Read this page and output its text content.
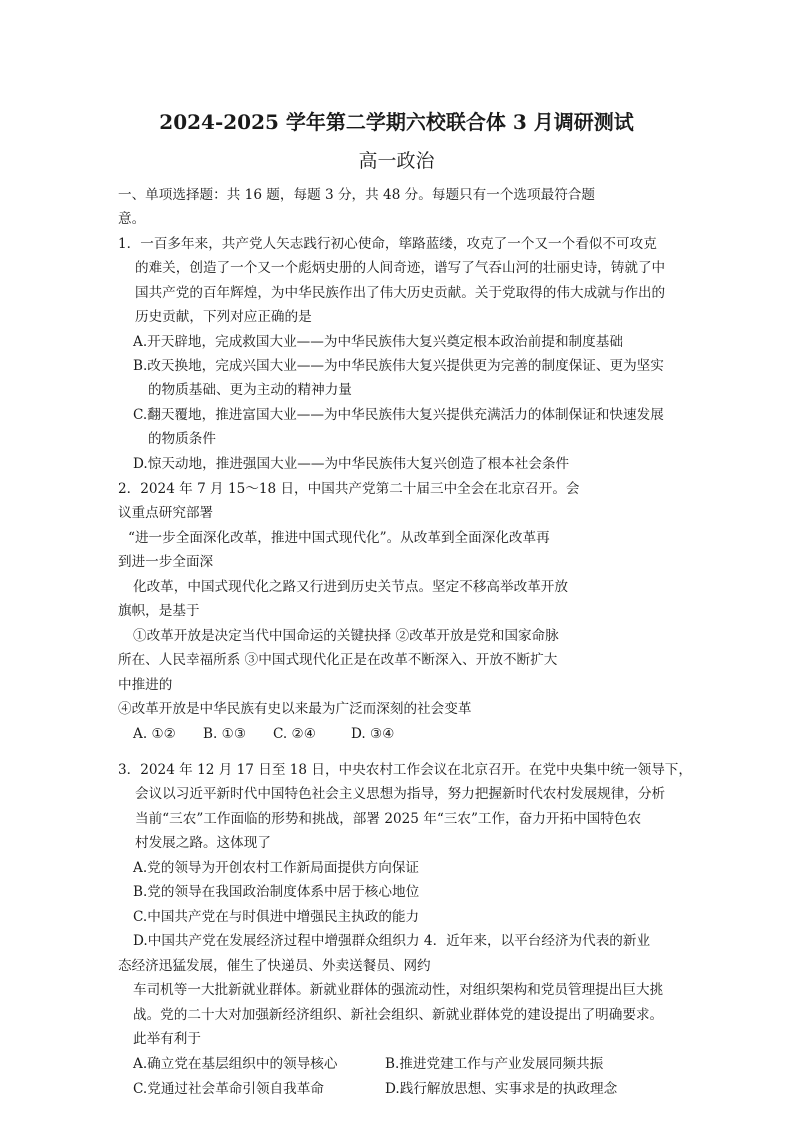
2024-2025 学年第二学期六校联合体 3 月调研测试
高一政治
一、单项选择题：共 16 题，每题 3 分，共 48 分。每题只有一个选项最符合题
意。
1．一百多年来，共产党人矢志践行初心使命，筚路蓝缕，攻克了一个又一个看似不可攻克
的难关，创造了一个又一个彪炳史册的人间奇迹，谱写了气吞山河的壮丽史诗，铸就了中
国共产党的百年辉煌，为中华民族作出了伟大历史贡献。关于党取得的伟大成就与作出的
历史贡献，下列对应正确的是
A.开天辟地，完成救国大业——为中华民族伟大复兴奠定根本政治前提和制度基础
B.改天换地，完成兴国大业——为中华民族伟大复兴提供更为完善的制度保证、更为坚实
的物质基础、更为主动的精神力量
C.翻天覆地，推进富国大业——为中华民族伟大复兴提供充满活力的体制保证和快速发展
的物质条件
D.惊天动地，推进强国大业——为中华民族伟大复兴创造了根本社会条件
2．2024 年 7 月 15～18 日，中国共产党第二十届三中全会在北京召开。会
议重点研究部署
“进一步全面深化改革，推进中国式现代化”。从改革到全面深化改革再
到进一步全面深
化改革，中国式现代化之路又行进到历史关节点。坚定不移高举改革开放
旗帜，是基于
①改革开放是决定当代中国命运的关键抉择 ②改革开放是党和国家命脉
所在、人民幸福所系 ③中国式现代化正是在改革不断深入、开放不断扩大
中推进的
④改革开放是中华民族有史以来最为广泛而深刻的社会变革
A. ①② B. ①③ C. ②④	D. ③④
3．2024 年 12 月 17 日至 18 日，中央农村工作会议在北京召开。在党中央集中统一领导下，
会议以习近平新时代中国特色社会主义思想为指导，努力把握新时代农村发展规律，分析
当前“三农”工作面临的形势和挑战，部署 2025 年“三农”工作，奋力开拓中国特色农
村发展之路。这体现了
A.党的领导为开创农村工作新局面提供方向保证
B.党的领导在我国政治制度体系中居于核心地位
C.中国共产党在与时俱进中增强民主执政的能力
D.中国共产党在发展经济过程中增强群众组织力 4．近年来，以平台经济为代表的新业
态经济迅猛发展，催生了快递员、外卖送餐员、网约
车司机等一大批新就业群体。新就业群体的强流动性，对组织架构和党员管理提出巨大挑
战。党的二十大对加强新经济组织、新社会组织、新就业群体党的建设提出了明确要求。
此举有利于
A.确立党在基层组织中的领导核心	B.推进党建工作与产业发展同频共振
C.党通过社会革命引领自我革命	D.践行解放思想、实事求是的执政理念
